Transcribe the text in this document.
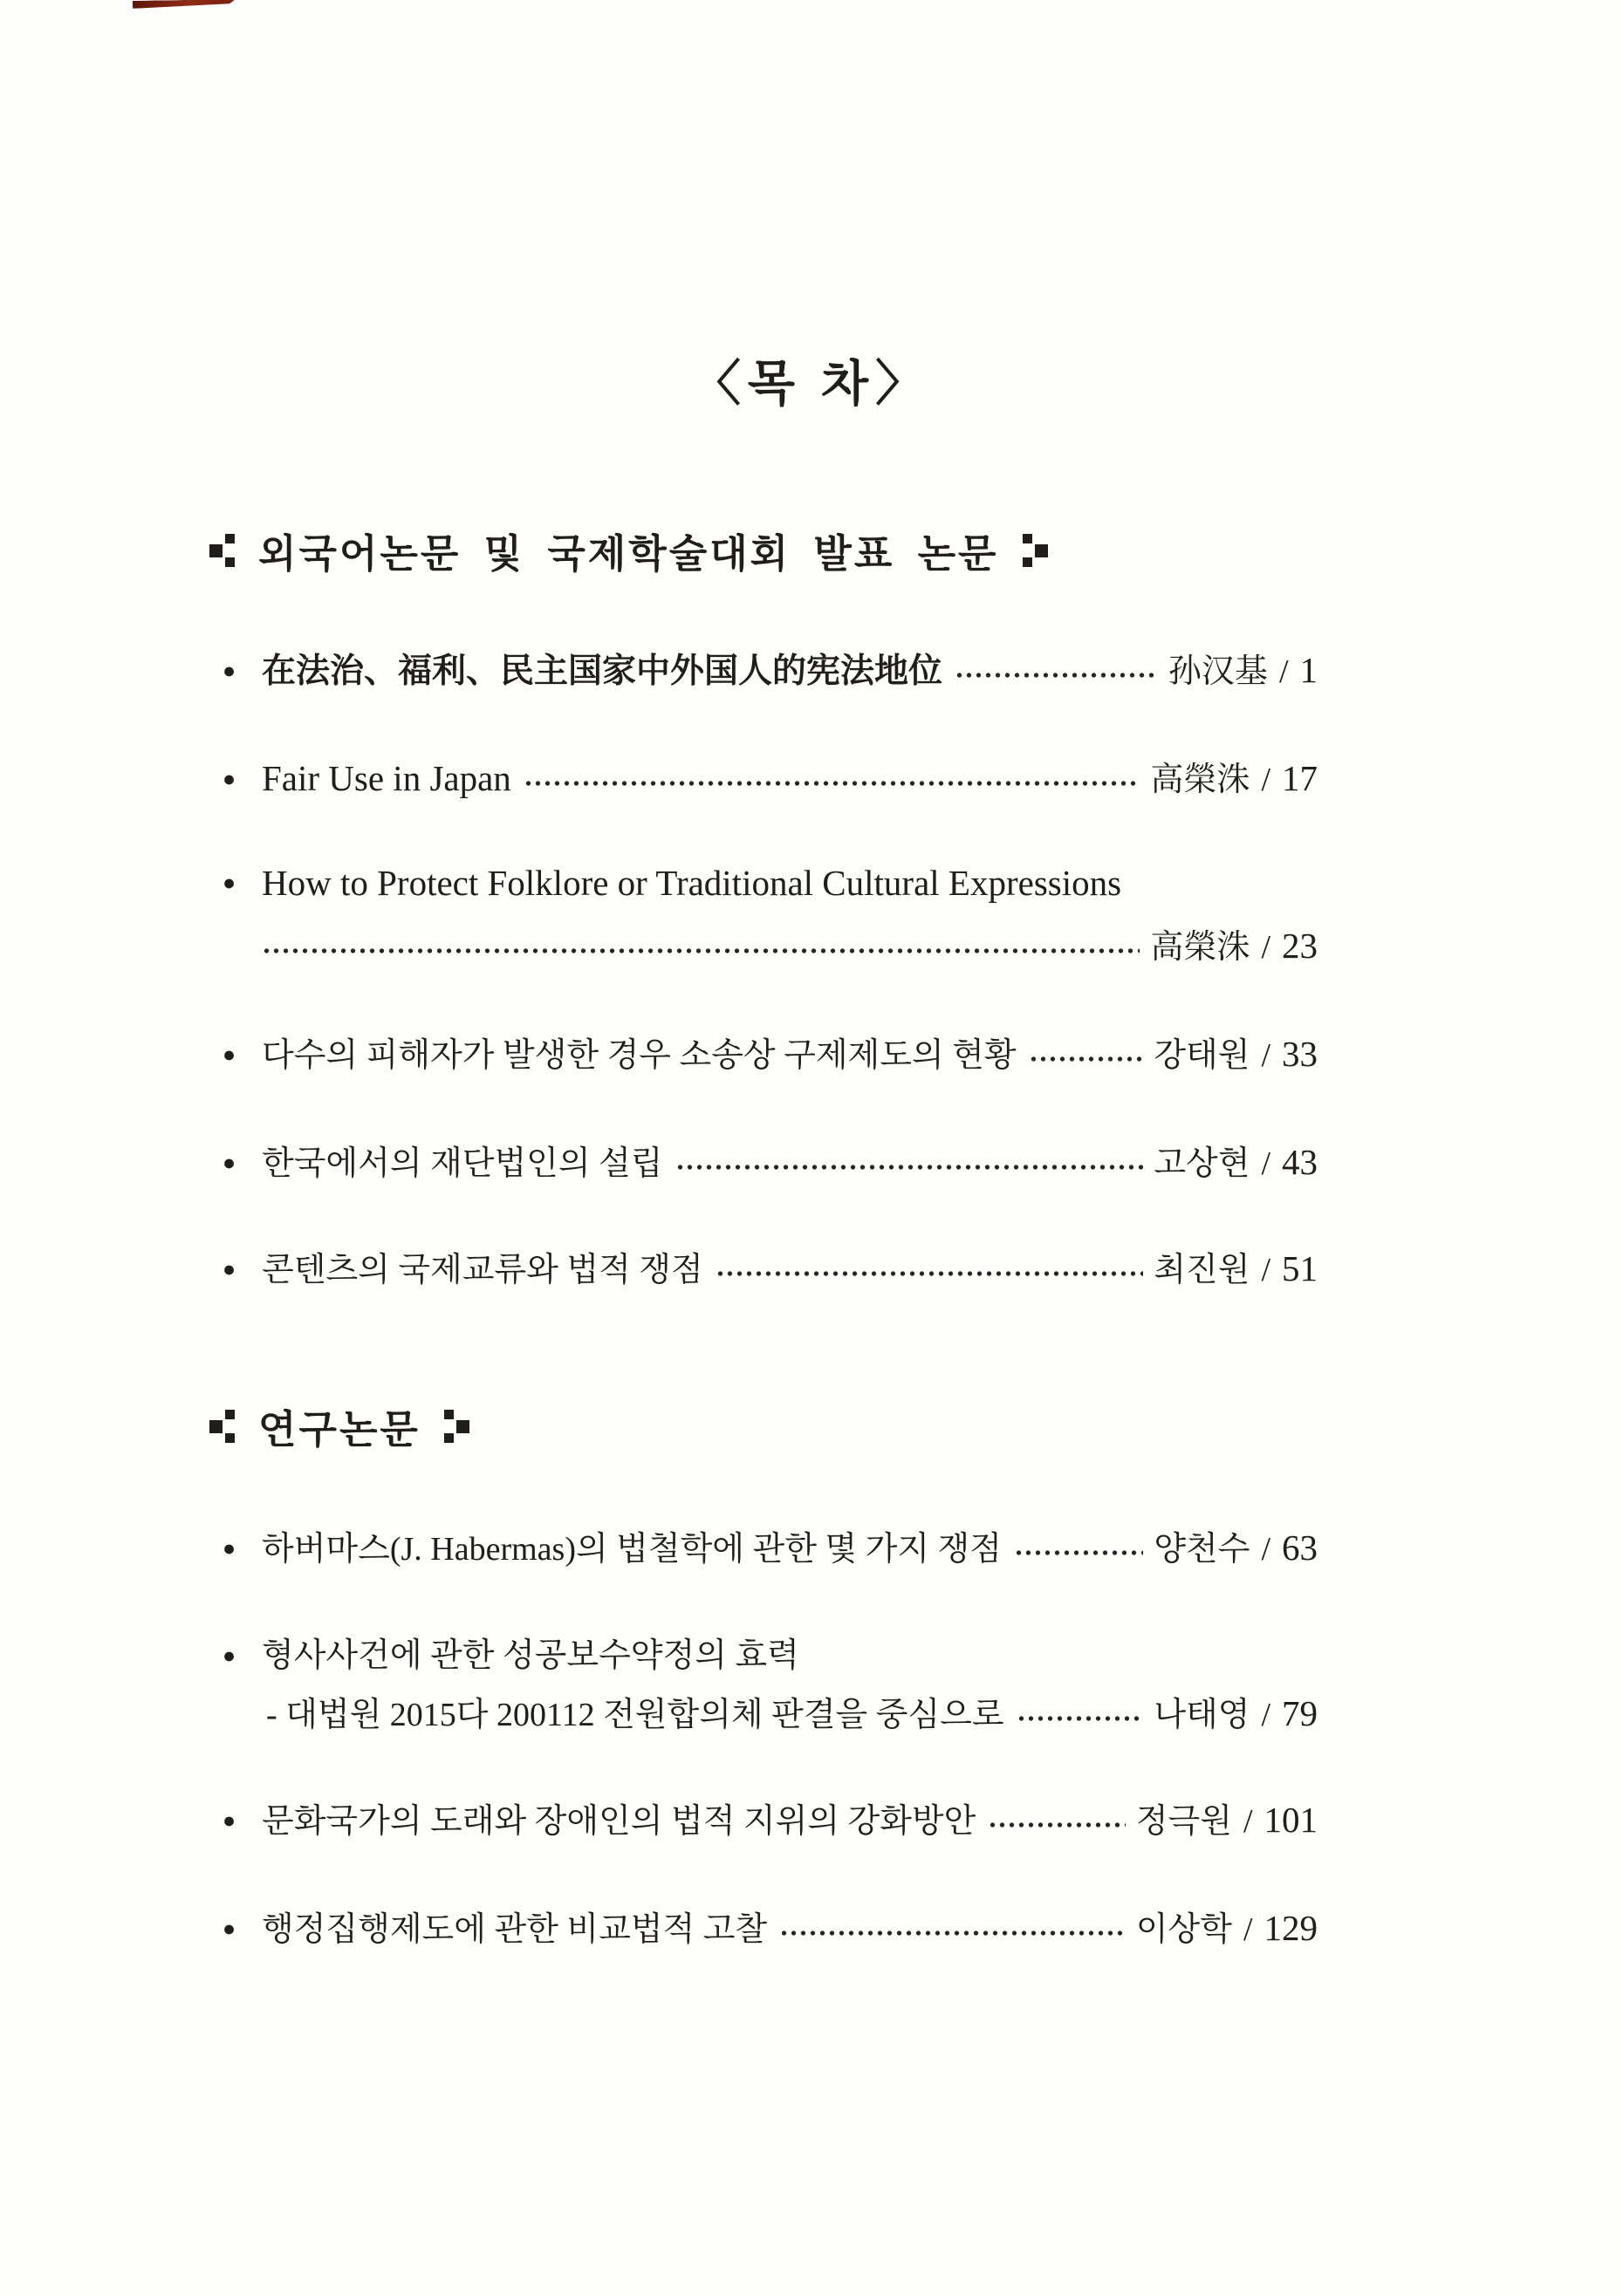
〈목 차〉
외국어논문 및 국제학술대회 발표 논문
● 在法治、福利、民主国家中外国人的宪法地位	孙汉基 / 1
● Fair Use in Japan	高榮洙 / 17
● How to Protect Folklore or Traditional Cultural Expressions
高榮洙 / 23
● 다수의 피해자가 발생한 경우 소송상 구제제도의 현황	강태원 / 33
● 한국에서의 재단법인의 설립	고상현 / 43
● 콘텐츠의 국제교류와 법적 쟁점	최진원 / 51
연구논문
● 하버마스(J. Habermas)의 법철학에 관한 몇 가지 쟁점	양천수 / 63
● 형사사건에 관한 성공보수약정의 효력
- 대법원 2015다 200112 전원합의체 판결을 중심으로	나태영 / 79
● 문화국가의 도래와 장애인의 법적 지위의 강화방안	정극원 / 101
● 행정집행제도에 관한 비교법적 고찰	이상학 / 129
